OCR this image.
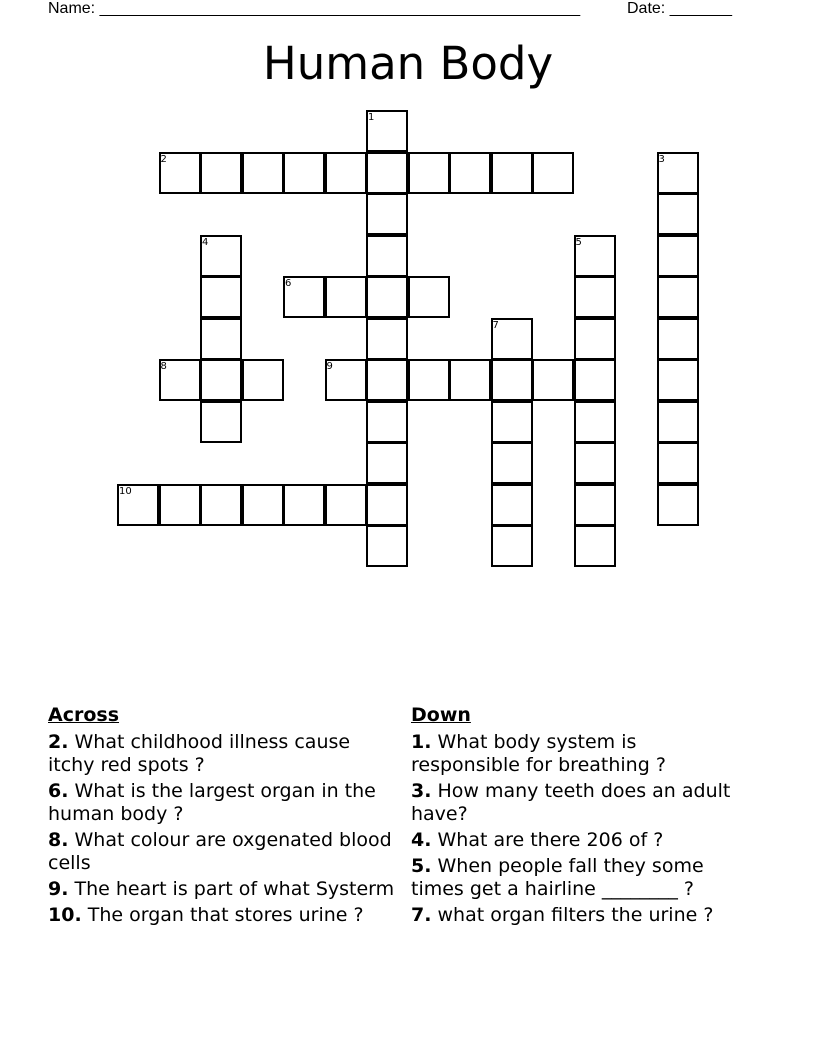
Name: ______________________________________________________	Date: _______
Human Body
1
2	3
4	5
6
7
8	9
10
Across
2. What childhood illness cause itchy red spots ?
6. What is the largest organ in the human body ?
8. What colour are oxgenated blood cells
9. The heart is part of what Systerm
10. The organ that stores urine ?
Down
1. What body system is responsible for breathing ?
3. How many teeth does an adult have?
4. What are there 206 of ?
5. When people fall they some times get a hairline ________ ?
7. what organ filters the urine ?
